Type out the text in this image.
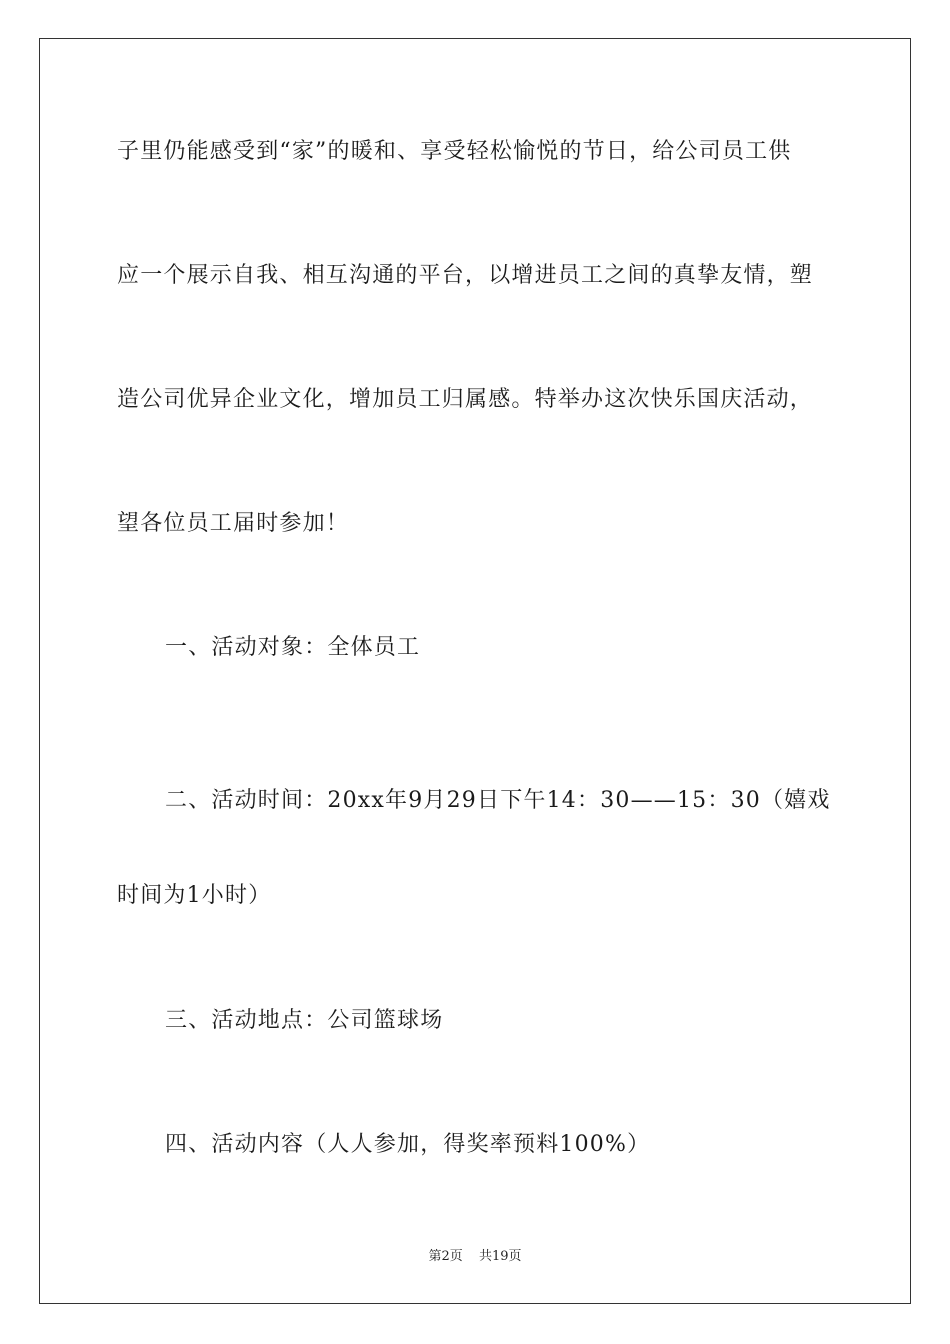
子里仍能感受到“家”的暖和、享受轻松愉悦的节日，给公司员工供
应一个展示自我、相互沟通的平台，以增进员工之间的真挚友情，塑
造公司优异企业文化，增加员工归属感。特举办这次快乐国庆活动，
望各位员工届时参加！
一、活动对象：全体员工
二、活动时间：20xx年9月29日下午14：30——15：30（嬉戏
时间为1小时）
三、活动地点：公司篮球场
四、活动内容（人人参加，得奖率预料100%）
第2页 共19页
